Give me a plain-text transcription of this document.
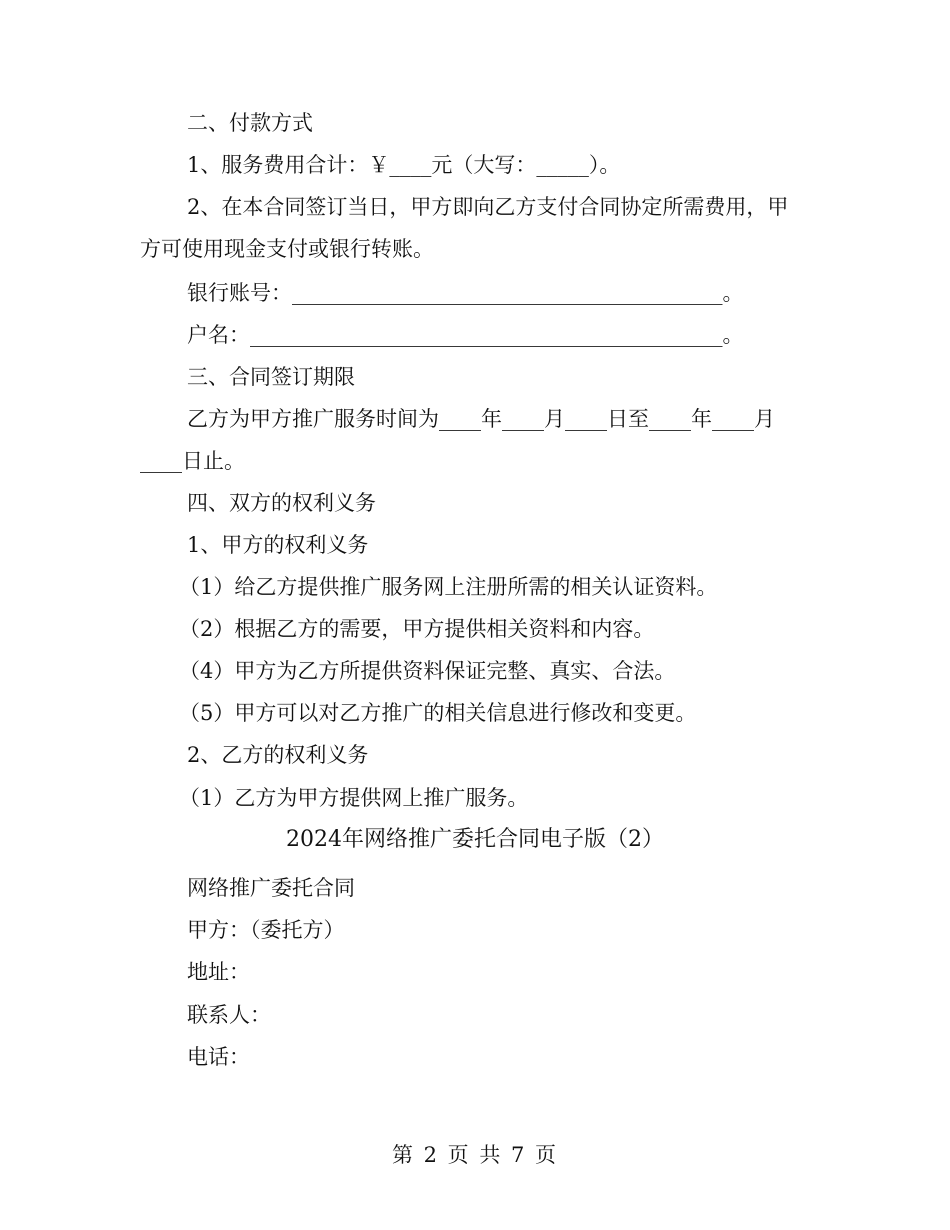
二、付款方式
1、服务费用合计：￥____元（大写：_____）。
2、在本合同签订当日，甲方即向乙方支付合同协定所需费用，甲
方可使用现金支付或银行转账。
银行账号：_________________________________________。
户名：_____________________________________________。
三、合同签订期限
乙方为甲方推广服务时间为____年____月____日至____年____月
____日止。
四、双方的权利义务
1、甲方的权利义务
（1）给乙方提供推广服务网上注册所需的相关认证资料。
（2）根据乙方的需要，甲方提供相关资料和内容。
（4）甲方为乙方所提供资料保证完整、真实、合法。
（5）甲方可以对乙方推广的相关信息进行修改和变更。
2、乙方的权利义务
（1）乙方为甲方提供网上推广服务。
2024年网络推广委托合同电子版（2）
网络推广委托合同
甲方：（委托方）
地址：
联系人：
电话：
第 2 页 共 7 页
